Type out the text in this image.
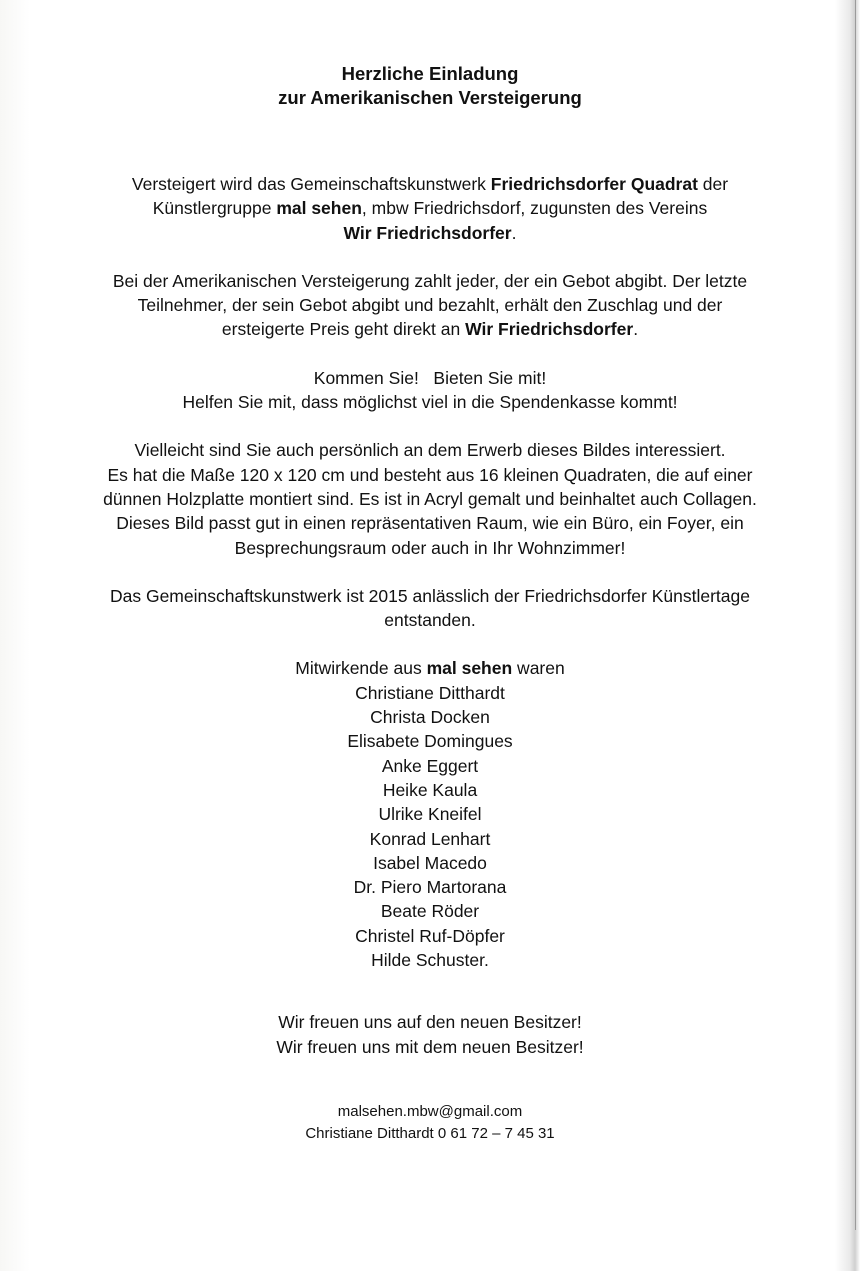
Herzliche Einladung
zur Amerikanischen Versteigerung

Versteigert wird das Gemeinschaftskunstwerk Friedrichsdorfer Quadrat der
Künstlergruppe mal sehen, mbw Friedrichsdorf, zugunsten des Vereins
Wir Friedrichsdorfer.

Bei der Amerikanischen Versteigerung zahlt jeder, der ein Gebot abgibt. Der letzte
Teilnehmer, der sein Gebot abgibt und bezahlt, erhält den Zuschlag und der
ersteigerte Preis geht direkt an Wir Friedrichsdorfer.

Kommen Sie!   Bieten Sie mit!
Helfen Sie mit, dass möglichst viel in die Spendenkasse kommt!

Vielleicht sind Sie auch persönlich an dem Erwerb dieses Bildes interessiert.
Es hat die Maße 120 x 120 cm und besteht aus 16 kleinen Quadraten, die auf einer
dünnen Holzplatte montiert sind. Es ist in Acryl gemalt und beinhaltet auch Collagen.
Dieses Bild passt gut in einen repräsentativen Raum, wie ein Büro, ein Foyer, ein
Besprechungsraum oder auch in Ihr Wohnzimmer!

Das Gemeinschaftskunstwerk ist 2015 anlässlich der Friedrichsdorfer Künstlertage
entstanden.

Mitwirkende aus mal sehen waren

Christiane Ditthardt
Christa Docken
Elisabete Domingues
Anke Eggert
Heike Kaula
Ulrike Kneifel
Konrad Lenhart
Isabel Macedo
Dr. Piero Martorana
Beate Röder
Christel Ruf-Döpfer
Hilde Schuster.

Wir freuen uns auf den neuen Besitzer!
Wir freuen uns mit dem neuen Besitzer!

malsehen.mbw@gmail.com
Christiane Ditthardt 0 61 72 – 7 45 31
